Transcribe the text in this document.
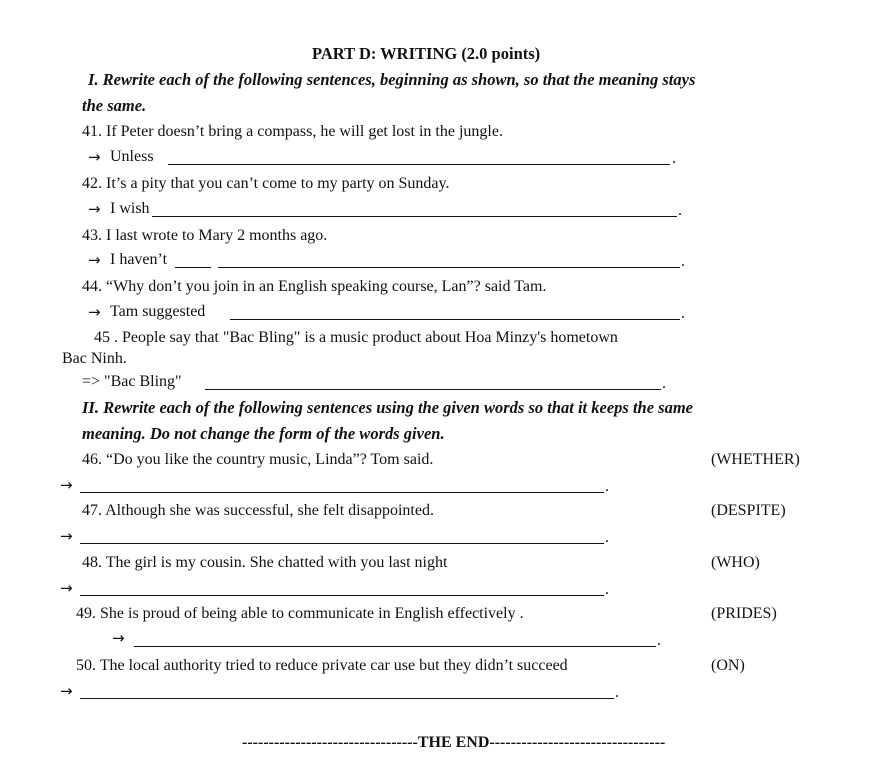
PART D: WRITING (2.0 points)
I. Rewrite each of the following sentences, beginning as shown, so that the meaning stays
the same.
41. If Peter doesn’t bring a compass, he will get lost in the jungle.
→ Unless	.
42. It’s a pity that you can’t come to my party on Sunday.
→ I wish	.
43. I last wrote to Mary 2 months ago.
→ I haven’t	.
44. “Why don’t you join in an English speaking course, Lan”? said Tam.
→ Tam suggested	.
45 . People say that "Bac Bling" is a music product about Hoa Minzy's hometown
Bac Ninh.
=> "Bac Bling"	.
II. Rewrite each of the following sentences using the given words so that it keeps the same
meaning. Do not change the form of the words given.
46. “Do you like the country music, Linda”? Tom said.	(WHETHER)
→	.
47. Although she was successful, she felt disappointed.	(DESPITE)
→	.
48. The girl is my cousin. She chatted with you last night	(WHO)
→	.
49. She is proud of being able to communicate in English effectively .	(PRIDES)
→	.
50. The local authority tried to reduce private car use but they didn’t succeed	(ON)
→	.
---------------------------------THE END---------------------------------
